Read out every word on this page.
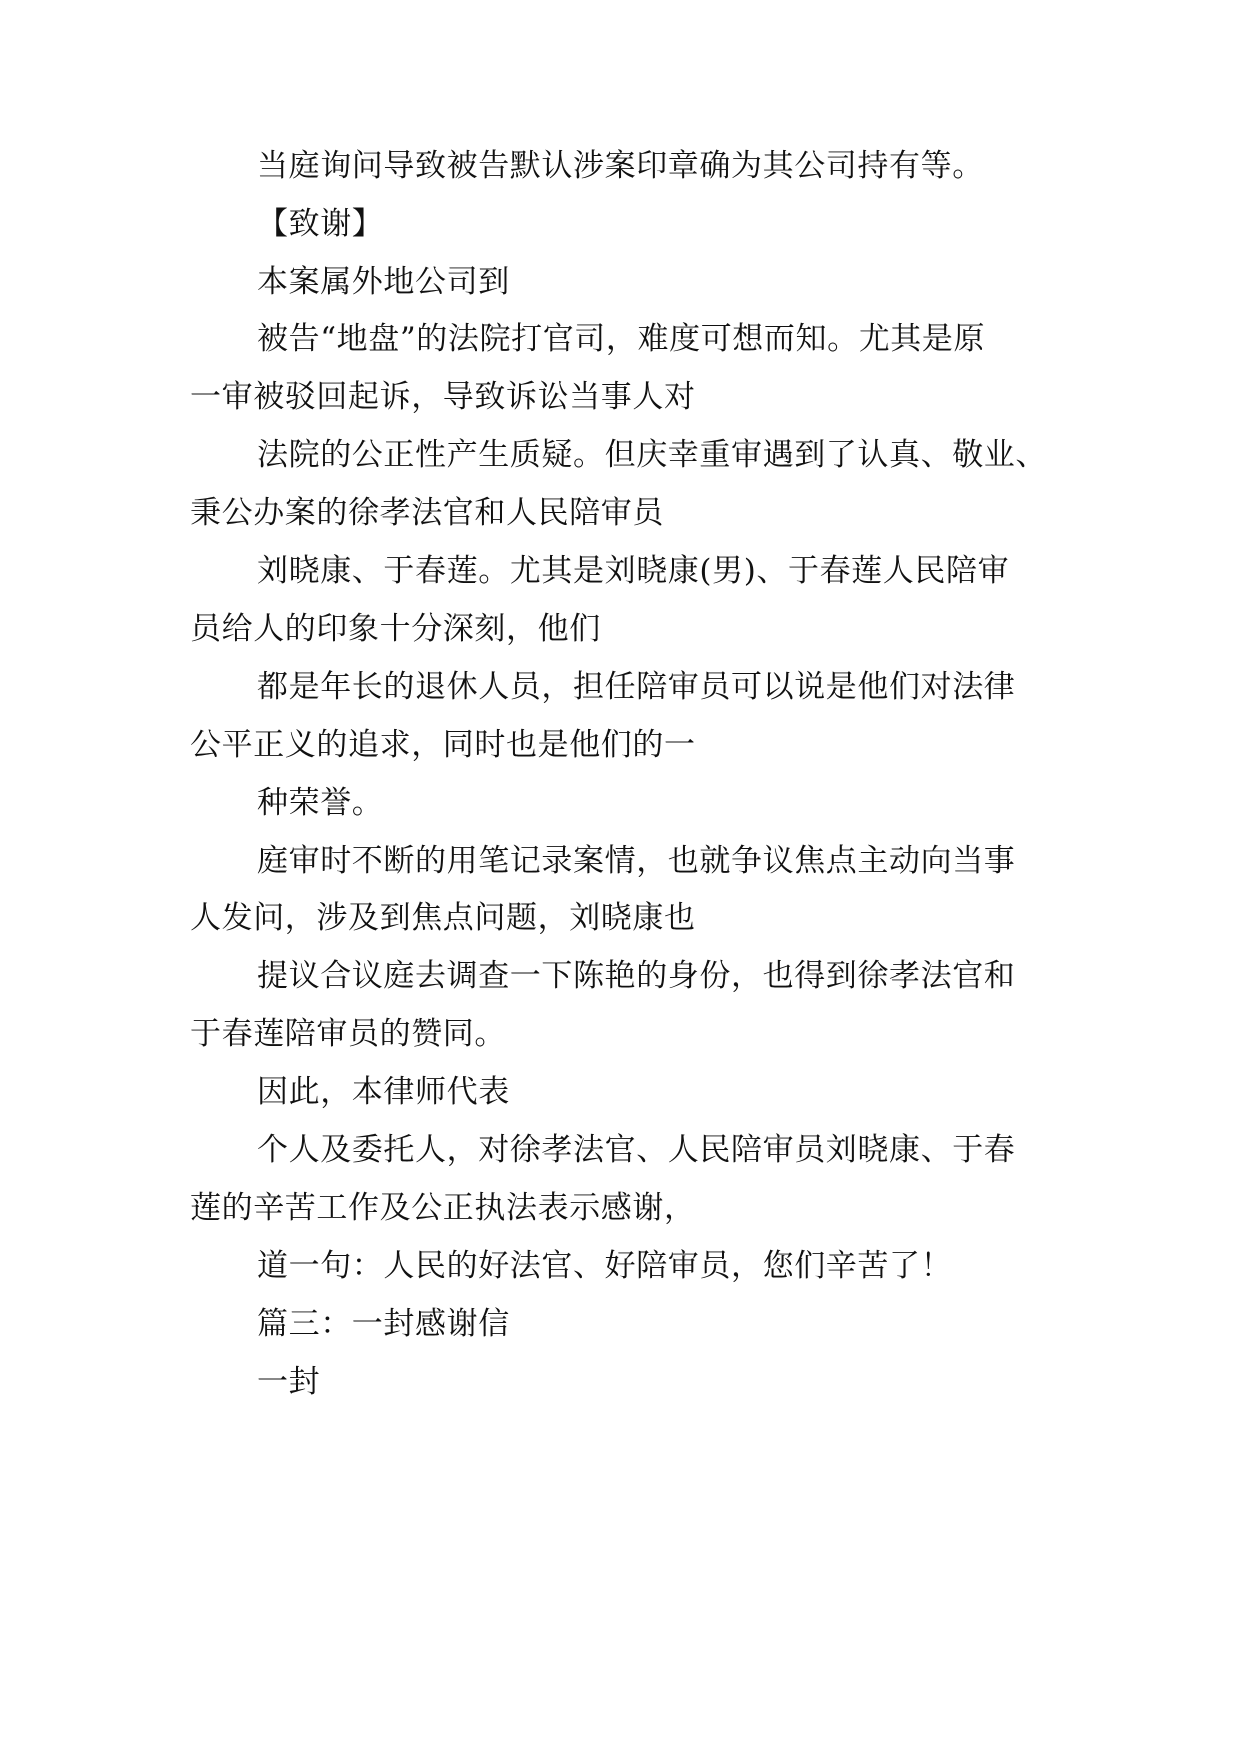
当庭询问导致被告默认涉案印章确为其公司持有等。
【致谢】
本案属外地公司到
被告“地盘”的法院打官司，难度可想而知。尤其是原
一审被驳回起诉，导致诉讼当事人对
法院的公正性产生质疑。但庆幸重审遇到了认真、敬业、
秉公办案的徐孝法官和人民陪审员
刘晓康、于春莲。尤其是刘晓康(男)、于春莲人民陪审
员给人的印象十分深刻，他们
都是年长的退休人员，担任陪审员可以说是他们对法律
公平正义的追求，同时也是他们的一
种荣誉。
庭审时不断的用笔记录案情，也就争议焦点主动向当事
人发问，涉及到焦点问题，刘晓康也
提议合议庭去调查一下陈艳的身份，也得到徐孝法官和
于春莲陪审员的赞同。
因此，本律师代表
个人及委托人，对徐孝法官、人民陪审员刘晓康、于春
莲的辛苦工作及公正执法表示感谢，
道一句：人民的好法官、好陪审员，您们辛苦了！
篇三：一封感谢信
一封
